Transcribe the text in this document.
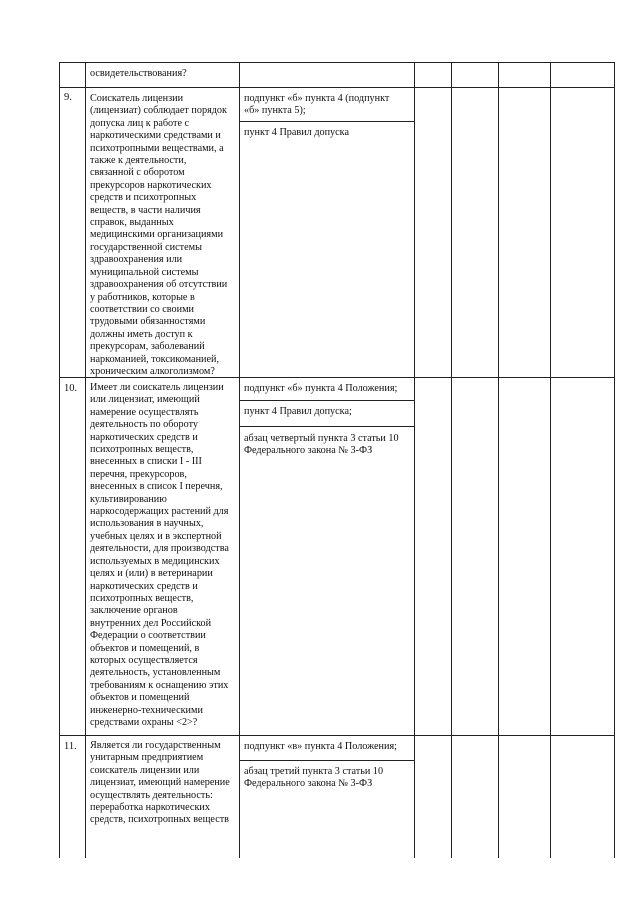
освидетельствования?
9. Соискатель лицензии
(лицензиат) соблюдает порядок
допуска лиц к работе с
наркотическими средствами и
психотропными веществами, а
также к деятельности,
связанной с оборотом
прекурсоров наркотических
средств и психотропных
веществ, в части наличия
справок, выданных
медицинскими организациями
государственной системы
здравоохранения или
муниципальной системы
здравоохранения об отсутствии
у работников, которые в
соответствии со своими
трудовыми обязанностями
должны иметь доступ к
прекурсорам, заболеваний
наркоманией, токсикоманией,
хроническим алкоголизмом?
подпункт «б» пункта 4 (подпункт
«б» пункта 5);
пункт 4 Правил допуска
10. Имеет ли соискатель лицензии
или лицензиат, имеющий
намерение осуществлять
деятельность по обороту
наркотических средств и
психотропных веществ,
внесенных в списки I - III
перечня, прекурсоров,
внесенных в список I перечня,
культивированию
наркосодержащих растений для
использования в научных,
учебных целях и в экспертной
деятельности, для производства
используемых в медицинских
целях и (или) в ветеринарии
наркотических средств и
психотропных веществ,
заключение органов
внутренних дел Российской
Федерации о соответствии
объектов и помещений, в
которых осуществляется
деятельность, установленным
требованиям к оснащению этих
объектов и помещений
инженерно-техническими
средствами охраны <2>?
подпункт «б» пункта 4 Положения;
пункт 4 Правил допуска;
абзац четвертый пункта 3 статьи 10
Федерального закона № 3-ФЗ
11. Является ли государственным
унитарным предприятием
соискатель лицензии или
лицензиат, имеющий намерение
осуществлять деятельность:
переработка наркотических
средств, психотропных веществ
подпункт «в» пункта 4 Положения;
абзац третий пункта 3 статьи 10
Федерального закона № 3-ФЗ
